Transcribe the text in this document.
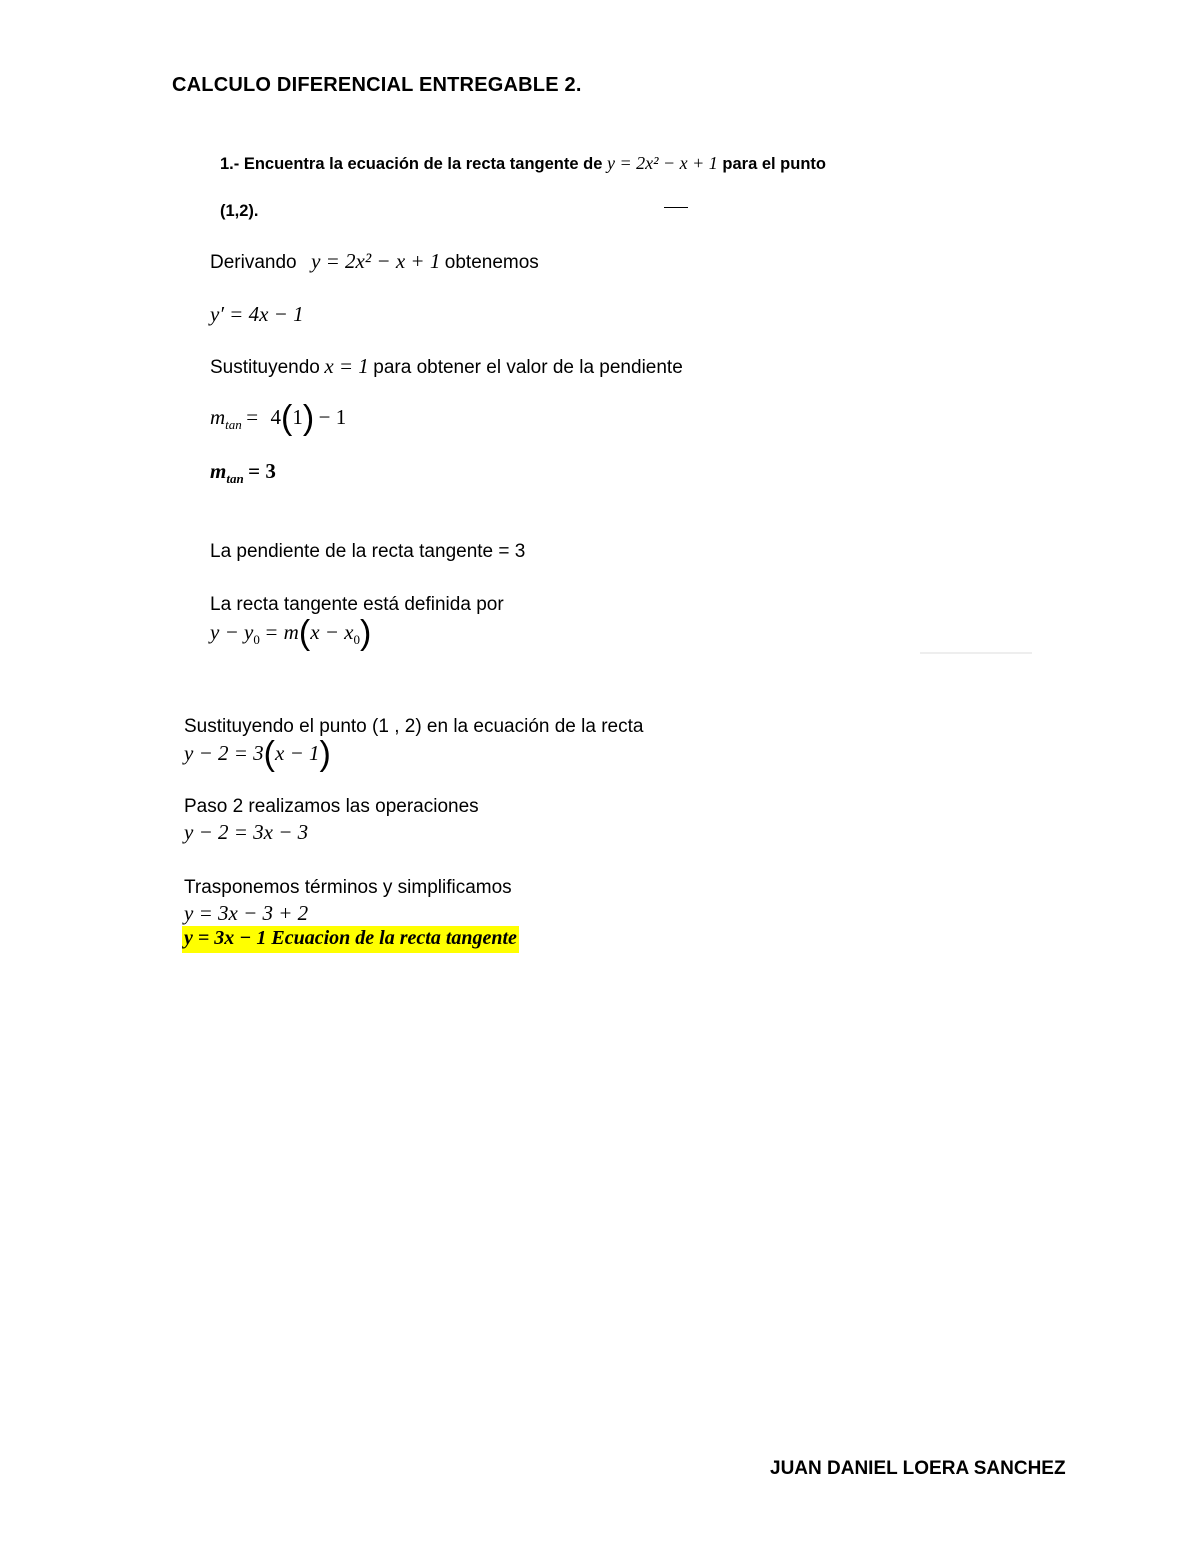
CALCULO DIFERENCIAL ENTREGABLE 2.
1.- Encuentra la ecuación de la recta tangente de y = 2x² − x + 1 para el punto
(1,2).
Derivando y = 2x² − x + 1 obtenemos
y′ = 4x − 1
Sustituyendo x = 1 para obtener el valor de la pendiente
$m_{tan} = 4(1) - 1$
$m_{tan} = 3$
La pendiente de la recta tangente = 3
La recta tangente está definida por
$y - y_0 = m(x - x_0)$
Sustituyendo el punto (1 , 2) en la ecuación de la recta
y − 2 = 3(x − 1)
Paso 2 realizamos las operaciones
y − 2 = 3x − 3
Trasponemos términos y simplificamos
y = 3x − 3 + 2
y = 3x − 1 Ecuacion de la recta tangente
JUAN DANIEL LOERA SANCHEZ
